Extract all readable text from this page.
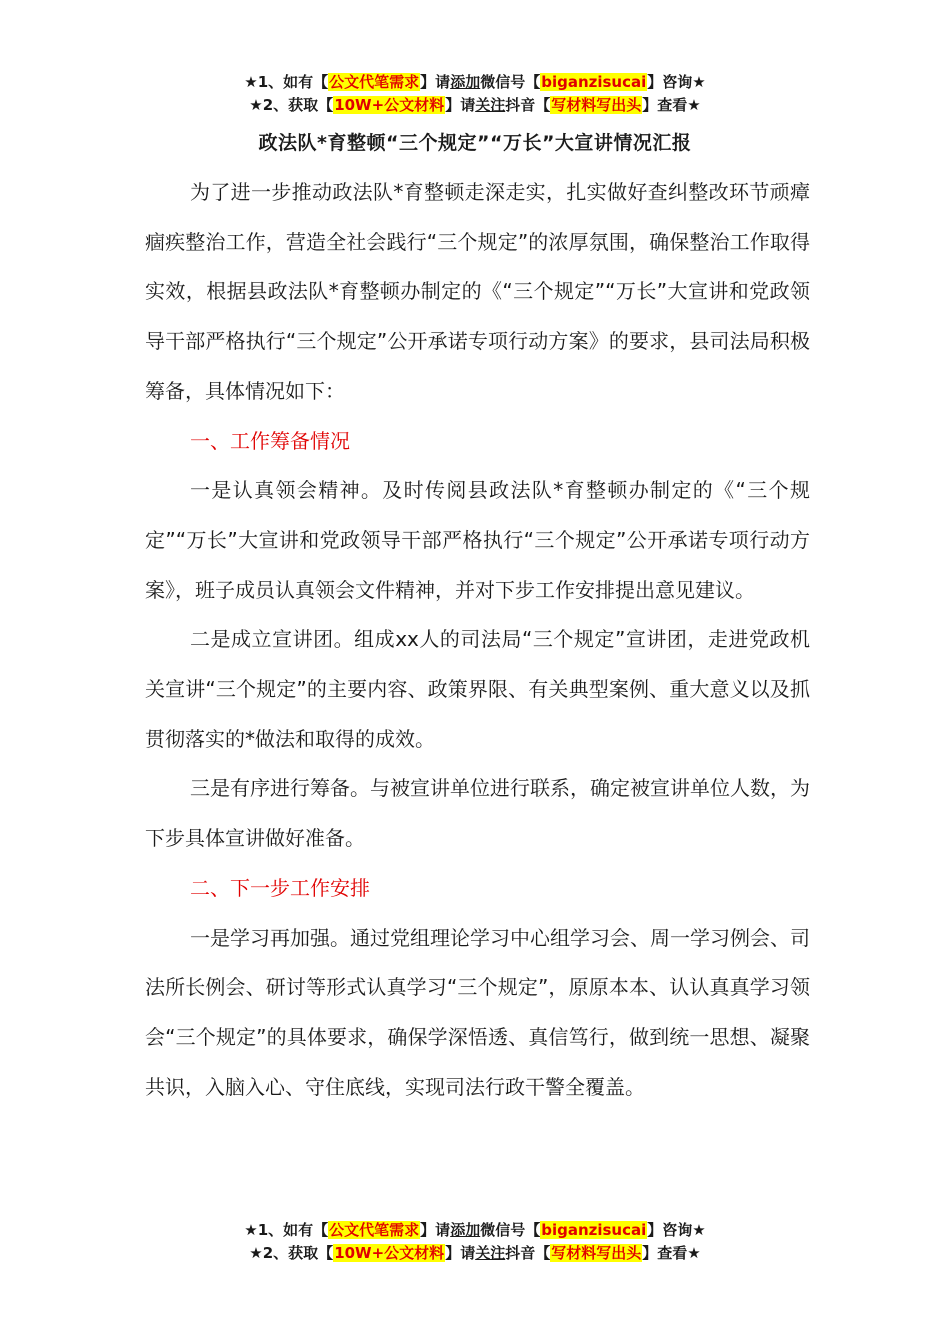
★1、如有【公文代笔需求】请添加微信号【biganzisucai】咨询★
★2、获取【10W+公文材料】请关注抖音【写材料写出头】查看★
政法队*育整顿“三个规定”“万长”大宣讲情况汇报

为了进一步推动政法队*育整顿走深走实，扎实做好查纠整改环节顽瘴痼疾整治工作，营造全社会践行“三个规定”的浓厚氛围，确保整治工作取得实效，根据县政法队*育整顿办制定的《“三个规定”“万长”大宣讲和党政领导干部严格执行“三个规定”公开承诺专项行动方案》的要求，县司法局积极筹备，具体情况如下：

一、工作筹备情况

一是认真领会精神。及时传阅县政法队*育整顿办制定的《“三个规定”“万长”大宣讲和党政领导干部严格执行“三个规定”公开承诺专项行动方案》，班子成员认真领会文件精神，并对下步工作安排提出意见建议。

二是成立宣讲团。组成xx人的司法局“三个规定”宣讲团，走进党政机关宣讲“三个规定”的主要内容、政策界限、有关典型案例、重大意义以及抓贯彻落实的*做法和取得的成效。

三是有序进行筹备。与被宣讲单位进行联系，确定被宣讲单位人数，为下步具体宣讲做好准备。

二、下一步工作安排

一是学习再加强。通过党组理论学习中心组学习会、周一学习例会、司法所长例会、研讨等形式认真学习“三个规定”，原原本本、认认真真学习领会“三个规定”的具体要求，确保学深悟透、真信笃行，做到统一思想、凝聚共识，入脑入心、守住底线，实现司法行政干警全覆盖。

★1、如有【公文代笔需求】请添加微信号【biganzisucai】咨询★
★2、获取【10W+公文材料】请关注抖音【写材料写出头】查看★
